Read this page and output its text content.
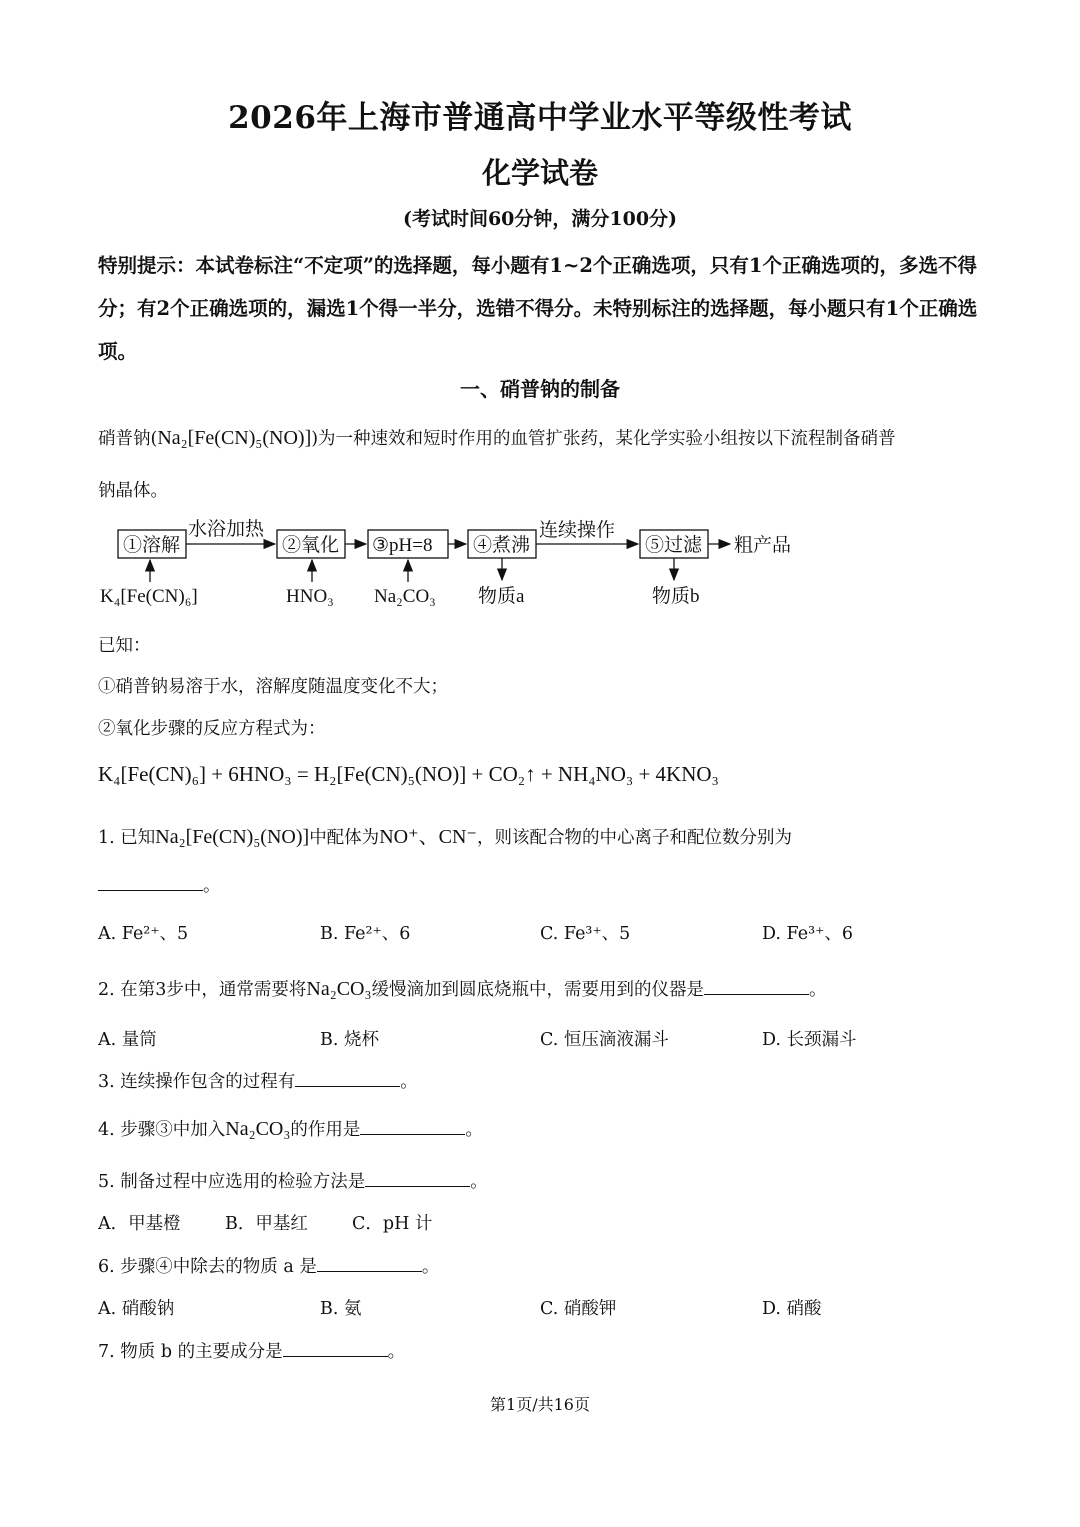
2026年上海市普通高中学业水平等级性考试
化学试卷
(考试时间60分钟，满分100分)
特别提示：本试卷标注“不定项”的选择题，每小题有1~2个正确选项，只有1个正确选项的，多选不得分；有2个正确选项的，漏选1个得一半分，选错不得分。未特别标注的选择题，每小题只有1个正确选项。
一、硝普钠的制备
硝普钠(Na₂[Fe(CN)₅(NO)])为一种速效和短时作用的血管扩张药，某化学实验小组按以下流程制备硝普
钠晶体。
①溶解	②氧化 ③pH=8 ④煮沸	⑤过滤
水浴加热	连续操作
粗产品
K₄[Fe(CN)₆]	HNO₃ Na₂CO₃ 物质a	物质b
已知：
①硝普钠易溶于水，溶解度随温度变化不大；
②氧化步骤的反应方程式为：
K₄[Fe(CN)₆] + 6HNO₃ = H₂[Fe(CN)₅(NO)] + CO₂↑ + NH₄NO₃ + 4KNO₃
1. 已知Na₂[Fe(CN)₅(NO)]中配体为NO⁺、CN⁻，则该配合物的中心离子和配位数分别为
。
A. Fe²⁺、5	B. Fe²⁺、6	C. Fe³⁺、5	D. Fe³⁺、6
2. 在第3步中，通常需要将Na₂CO₃缓慢滴加到圆底烧瓶中，需要用到的仪器是	。
A. 量筒	B. 烧杯	C. 恒压滴液漏斗	D. 长颈漏斗
3. 连续操作包含的过程有	。
4. 步骤③中加入Na₂CO₃的作用是	。
5. 制备过程中应选用的检验方法是	。
A．甲基橙	B．甲基红	C．pH 计
6. 步骤④中除去的物质 a 是	。
A. 硝酸钠	B. 氨	C. 硝酸钾	D. 硝酸
7. 物质 b 的主要成分是	。
第1页/共16页
